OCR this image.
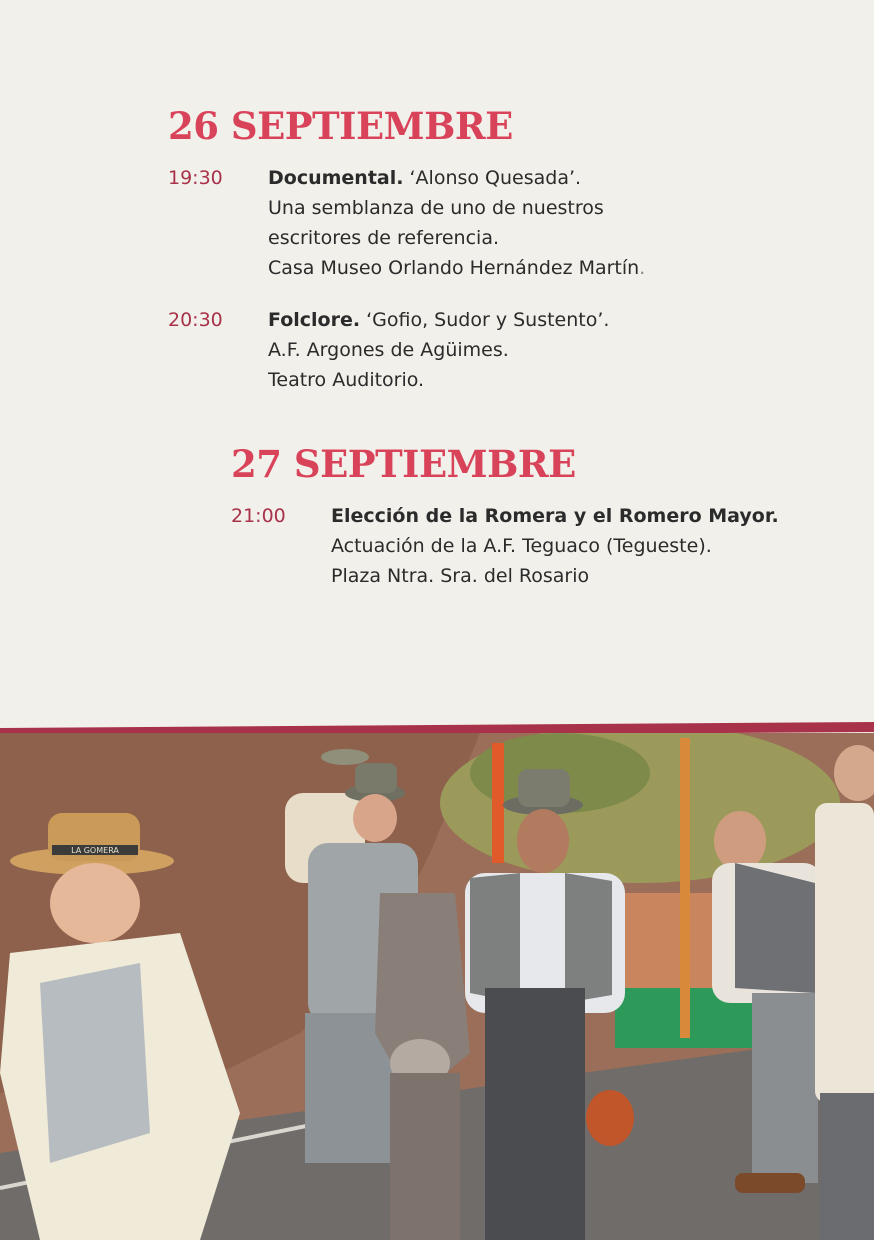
26 SEPTIEMBRE
19:30	Documental. ‘Alonso Quesada’.
Una semblanza de uno de nuestros
escritores de referencia.
Casa Museo Orlando Hernández Martín.
20:30	Folclore. ‘Gofio, Sudor y Sustento’.
A.F. Argones de Agüimes.
Teatro Auditorio.
27 SEPTIEMBRE
21:00	Elección de la Romera y el Romero Mayor.
Actuación de la A.F. Teguaco (Tegueste).
Plaza Ntra. Sra. del Rosario
LA GOMERA
